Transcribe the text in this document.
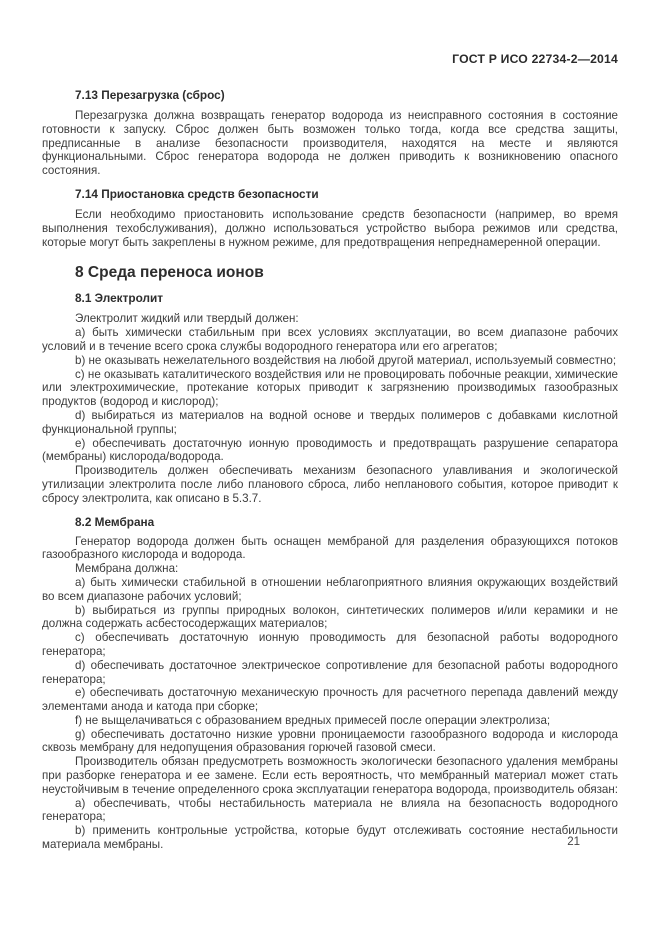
ГОСТ Р ИСО 22734-2—2014
7.13 Перезагрузка (сброс)

Перезагрузка должна возвращать генератор водорода из неисправного состояния в состояние готовности к запуску. Сброс должен быть возможен только тогда, когда все средства защиты, предписанные в анализе безопасности производителя, находятся на месте и являются функциональными. Сброс генератора водорода не должен приводить к возникновению опасного состояния.

7.14 Приостановка средств безопасности

Если необходимо приостановить использование средств безопасности (например, во время выполнения техобслуживания), должно использоваться устройство выбора режимов или средства, которые могут быть закреплены в нужном режиме, для предотвращения непреднамеренной операции.

8 Среда переноса ионов
8.1 Электролит

Электролит жидкий или твердый должен:

a) быть химически стабильным при всех условиях эксплуатации, во всем диапазоне рабочих условий и в течение всего срока службы водородного генератора или его агрегатов;

b) не оказывать нежелательного воздействия на любой другой материал, используемый совместно;

c) не оказывать каталитического воздействия или не провоцировать побочные реакции, химические или электрохимические, протекание которых приводит к загрязнению производимых газообразных продуктов (водород и кислород);

d) выбираться из материалов на водной основе и твердых полимеров с добавками кислотной функциональной группы;

e) обеспечивать достаточную ионную проводимость и предотвращать разрушение сепаратора (мембраны) кислорода/водорода.

Производитель должен обеспечивать механизм безопасного улавливания и экологической утилизации электролита после либо планового сброса, либо непланового события, которое приводит к сбросу электролита, как описано в 5.3.7.

8.2 Мембрана

Генератор водорода должен быть оснащен мембраной для разделения образующихся потоков газообразного кислорода и водорода.

Мембрана должна:

a) быть химически стабильной в отношении неблагоприятного влияния окружающих воздействий во всем диапазоне рабочих условий;

b) выбираться из группы природных волокон, синтетических полимеров и/или керамики и не должна содержать асбестосодержащих материалов;

c) обеспечивать достаточную ионную проводимость для безопасной работы водородного генератора;

d) обеспечивать достаточное электрическое сопротивление для безопасной работы водородного генератора;

e) обеспечивать достаточную механическую прочность для расчетного перепада давлений между элементами анода и катода при сборке;

f) не выщелачиваться с образованием вредных примесей после операции электролиза;

g) обеспечивать достаточно низкие уровни проницаемости газообразного водорода и кислорода сквозь мембрану для недопущения образования горючей газовой смеси.

Производитель обязан предусмотреть возможность экологически безопасного удаления мембраны при разборке генератора и ее замене. Если есть вероятность, что мембранный материал может стать неустойчивым в течение определенного срока эксплуатации генератора водорода, производитель обязан:

a) обеспечивать, чтобы нестабильность материала не влияла на безопасность водородного генератора;

b) применить контрольные устройства, которые будут отслеживать состояние нестабильности материала мембраны.	21
